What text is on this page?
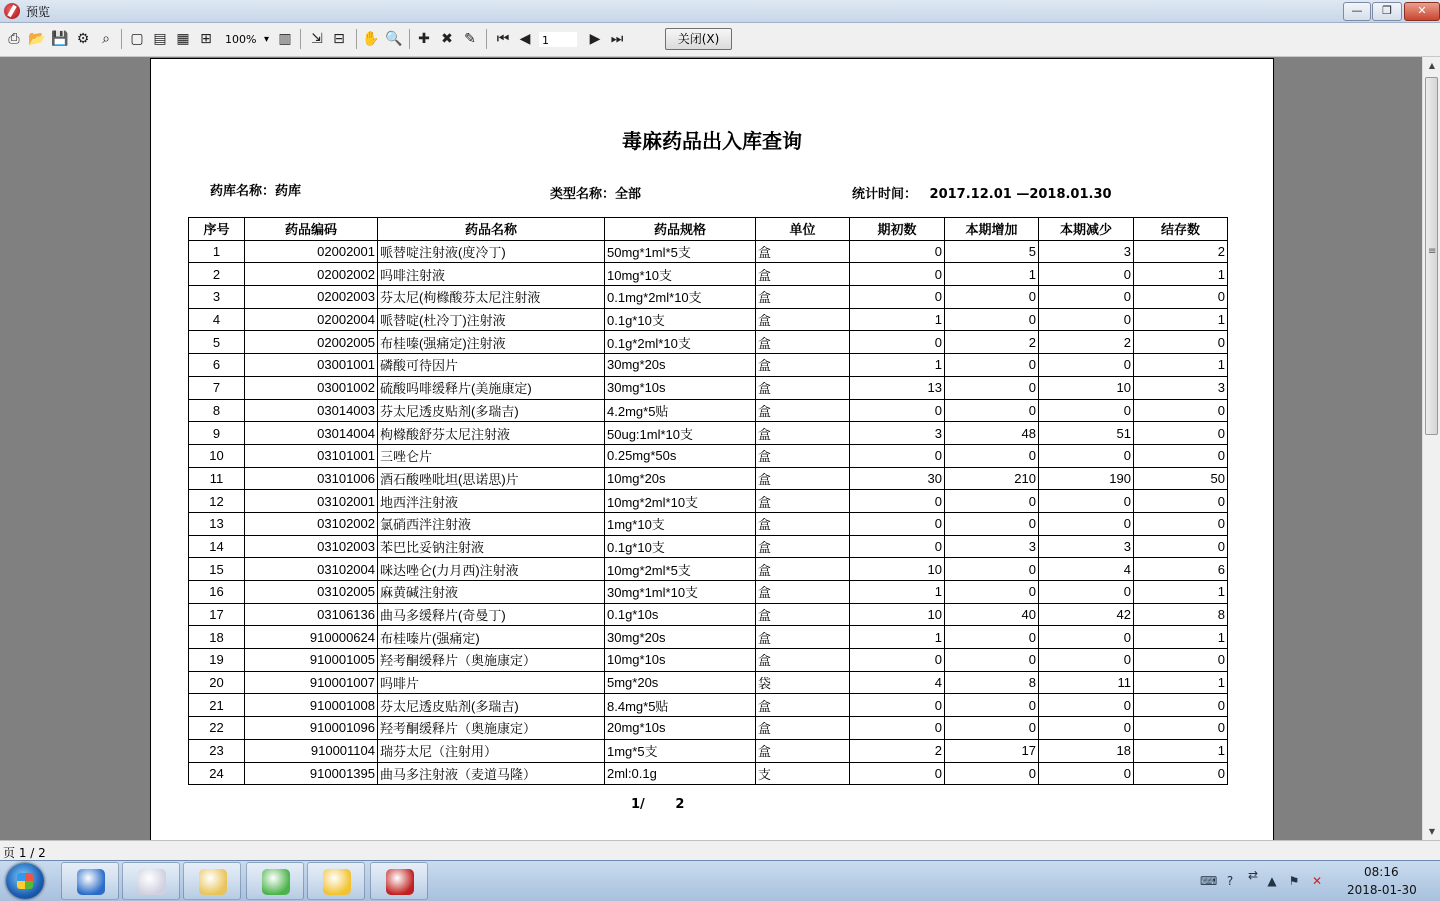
预览	—	❐	✕
⎙ 📂 💾 ⚙ ⌕	▢ ▤ ▦ ⊞ 100% ▾	▥ ⇲ ⊟ ✋ 🔍 ✚ ✖ ✎ ⏮ ◀	1	▶ ⏭	关闭(X)
毒麻药品出入库查询
药库名称：药库	类型名称：全部	统计时间： 2017.12.01 —2018.01.30
序号	药品编码	药品名称	药品规格	单位	期初数	本期增加	本期减少	结存数
1	02002001	哌替啶注射液(度冷丁)	50mg*1ml*5支	盒	0	5	3	2
2	02002002	吗啡注射液	10mg*10支	盒	0	1	0	1
3	02002003	芬太尼(枸橼酸芬太尼注射液	0.1mg*2ml*10支	盒	0	0	0	0
4	02002004	哌替啶(杜冷丁)注射液	0.1g*10支	盒	1	0	0	1
5	02002005	布桂嗪(强痛定)注射液	0.1g*2ml*10支	盒	0	2	2	0
6	03001001	磷酸可待因片	30mg*20s	盒	1	0	0	1
7	03001002	硫酸吗啡缓释片(美施康定)	30mg*10s	盒	13	0	10	3
8	03014003	芬太尼透皮贴剂(多瑞吉)	4.2mg*5贴	盒	0	0	0	0
9	03014004	枸橼酸舒芬太尼注射液	50ug:1ml*10支	盒	3	48	51	0
10	03101001	三唑仑片	0.25mg*50s	盒	0	0	0	0
11	03101006	酒石酸唑吡坦(思诺思)片	10mg*20s	盒	30	210	190	50
12	03102001	地西泮注射液	10mg*2ml*10支	盒	0	0	0	0
13	03102002	氯硝西泮注射液	1mg*10支	盒	0	0	0	0
14	03102003	苯巴比妥钠注射液	0.1g*10支	盒	0	3	3	0
15	03102004	咪达唑仑(力月西)注射液	10mg*2ml*5支	盒	10	0	4	6
16	03102005	麻黄碱注射液	30mg*1ml*10支	盒	1	0	0	1
17	03106136	曲马多缓释片(奇曼丁)	0.1g*10s	盒	10	40	42	8
18	910000624	布桂嗪片(强痛定)	30mg*20s	盒	1	0	0	1
19	910001005	羟考酮缓释片（奥施康定）	10mg*10s	盒	0	0	0	0
20	910001007	吗啡片	5mg*20s	袋	4	8	11	1
21	910001008	芬太尼透皮贴剂(多瑞吉)	8.4mg*5贴	盒	0	0	0	0
22	910001096	羟考酮缓释片（奥施康定）	20mg*10s	盒	0	0	0	0
23	910001104	瑞芬太尼（注射用）	1mg*5支	盒	2	17	18	1
24	910001395	曲马多注射液（麦道马隆）	2ml:0.1g	支	0	0	0	0
1/ 2
▲
≡
▼
页 1 / 2
⌨ ?	⇄ ▲ ⚑ ✕
08:16
2018-01-30
